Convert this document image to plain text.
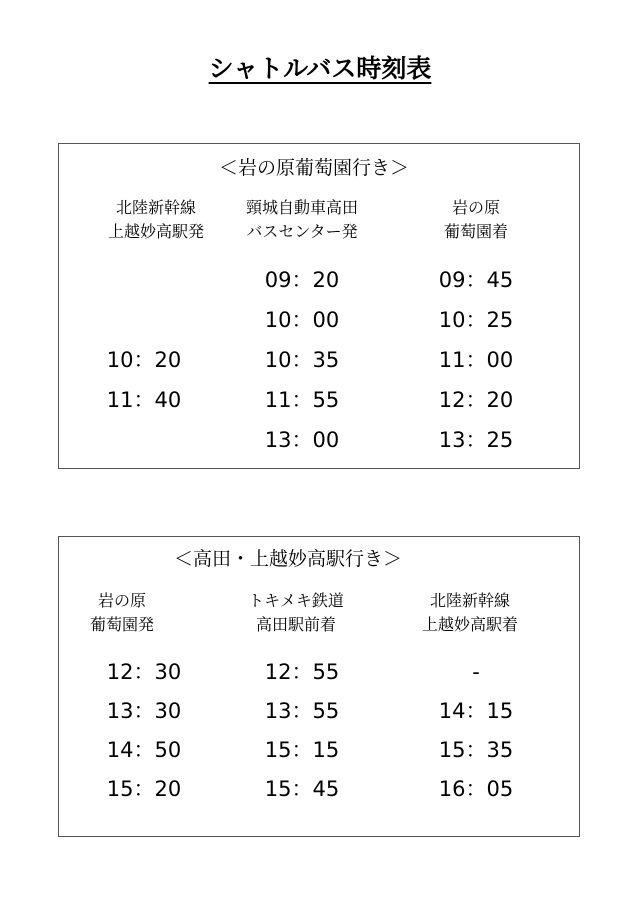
シャトルバス時刻表
＜岩の原葡萄園行き＞
北陸新幹線
上越妙高駅発
頸城自動車高田
バスセンター発
岩の原
葡萄園着
10：20
11：40
09：20
10：00
10：35
11：55
13：00
09：45
10：25
11：00
12：20
13：25
＜高田・上越妙高駅行き＞
岩の原
葡萄園発
トキメキ鉄道
高田駅前着
北陸新幹線
上越妙高駅着
12：30
13：30
14：50
15：20
12：55
13：55
15：15
15：45
-
14：15
15：35
16：05
